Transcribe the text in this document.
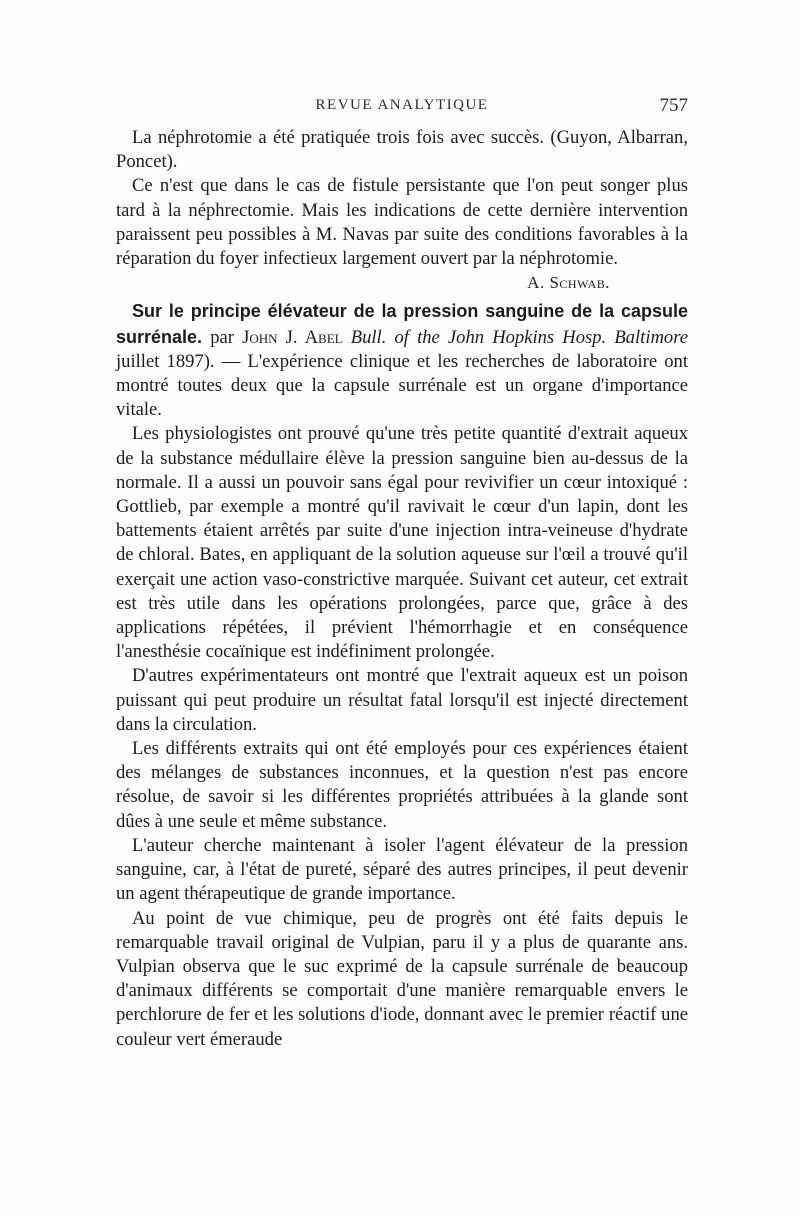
REVUE ANALYTIQUE	757

La néphrotomie a été pratiquée trois fois avec succès. (Guyon, Albarran, Poncet).

Ce n'est que dans le cas de fistule persistante que l'on peut songer plus tard à la néphrectomie. Mais les indications de cette dernière intervention paraissent peu possibles à M. Navas par suite des conditions favorables à la réparation du foyer infectieux largement ouvert par la néphrotomie.

A. Schwab.

Sur le principe élévateur de la pression sanguine de la capsule surrénale. par John J. Abel Bull. of the John Hopkins Hosp. Baltimore juillet 1897). — L'expérience clinique et les recherches de laboratoire ont montré toutes deux que la capsule surrénale est un organe d'importance vitale.

Les physiologistes ont prouvé qu'une très petite quantité d'extrait aqueux de la substance médullaire élève la pression sanguine bien au-dessus de la normale. Il a aussi un pouvoir sans égal pour revivifier un cœur intoxiqué : Gottlieb, par exemple a montré qu'il ravivait le cœur d'un lapin, dont les battements étaient arrêtés par suite d'une injection intra-veineuse d'hydrate de chloral. Bates, en appliquant de la solution aqueuse sur l'œil a trouvé qu'il exerçait une action vaso-constrictive marquée. Suivant cet auteur, cet extrait est très utile dans les opérations prolongées, parce que, grâce à des applications répétées, il prévient l'hémorrhagie et en conséquence l'anesthésie cocaïnique est indéfiniment prolongée.

D'autres expérimentateurs ont montré que l'extrait aqueux est un poison puissant qui peut produire un résultat fatal lorsqu'il est injecté directement dans la circulation.

Les différents extraits qui ont été employés pour ces expériences étaient des mélanges de substances inconnues, et la question n'est pas encore résolue, de savoir si les différentes propriétés attribuées à la glande sont dûes à une seule et même substance.

L'auteur cherche maintenant à isoler l'agent élévateur de la pression sanguine, car, à l'état de pureté, séparé des autres principes, il peut devenir un agent thérapeutique de grande importance.

Au point de vue chimique, peu de progrès ont été faits depuis le remarquable travail original de Vulpian, paru il y a plus de quarante ans. Vulpian observa que le suc exprimé de la capsule surrénale de beaucoup d'animaux différents se comportait d'une manière remarquable envers le perchlorure de fer et les solutions d'iode, donnant avec le premier réactif une couleur vert émeraude
